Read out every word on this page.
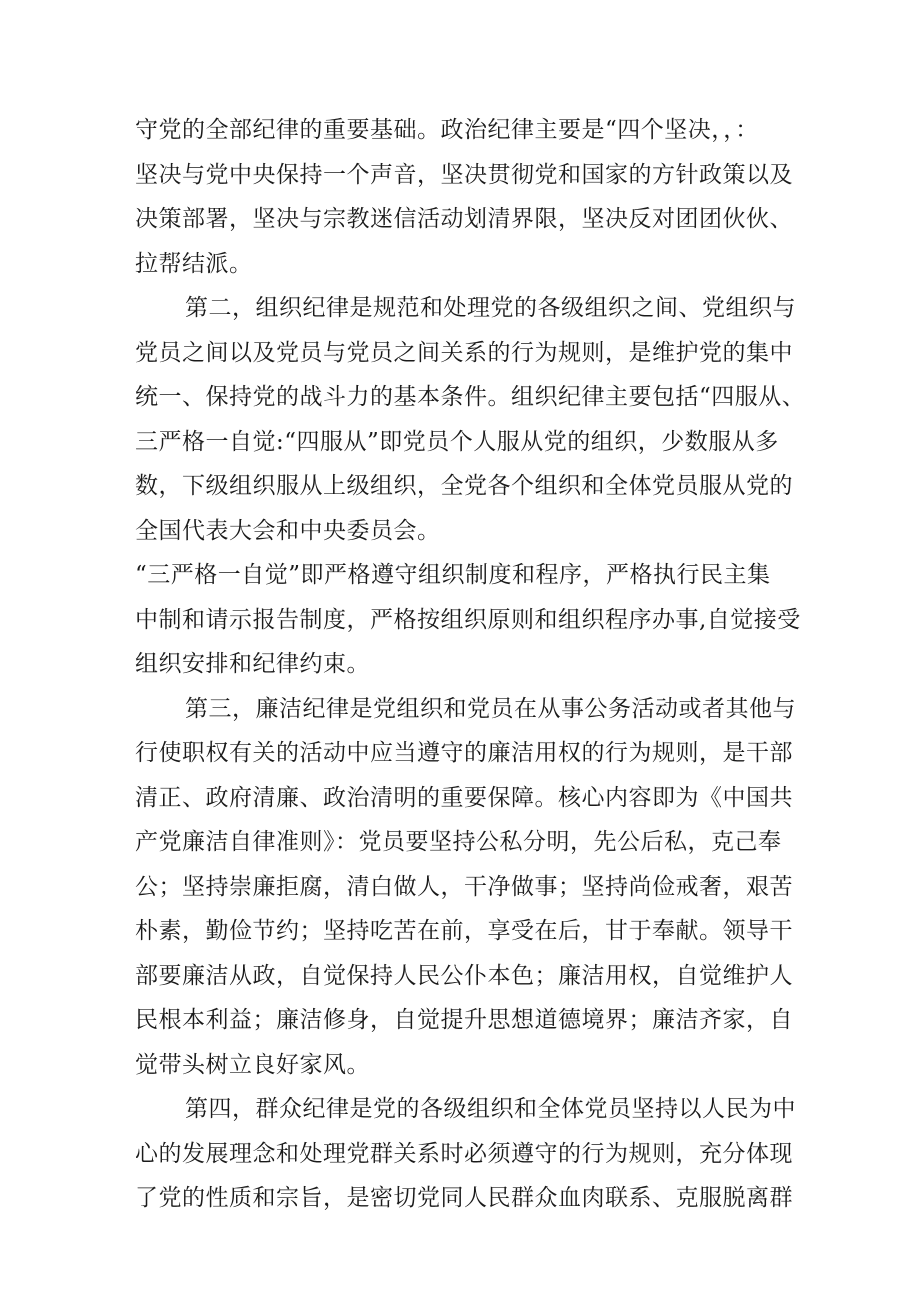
守党的全部纪律的重要基础。政治纪律主要是“四个坚决，，：
坚决与党中央保持一个声音，坚决贯彻党和国家的方针政策以及
决策部署，坚决与宗教迷信活动划清界限，坚决反对团团伙伙、
拉帮结派。
第二，组织纪律是规范和处理党的各级组织之间、党组织与
党员之间以及党员与党员之间关系的行为规则，是维护党的集中
统一、保持党的战斗力的基本条件。组织纪律主要包括“四服从、
三严格一自觉:“四服从”即党员个人服从党的组织，少数服从多
数，下级组织服从上级组织，全党各个组织和全体党员服从党的
全国代表大会和中央委员会。
“三严格一自觉”即严格遵守组织制度和程序，严格执行民主集
中制和请示报告制度，严格按组织原则和组织程序办事,自觉接受
组织安排和纪律约束。
第三，廉洁纪律是党组织和党员在从事公务活动或者其他与
行使职权有关的活动中应当遵守的廉洁用权的行为规则，是干部
清正、政府清廉、政治清明的重要保障。核心内容即为《中国共
产党廉洁自律准则》：党员要坚持公私分明，先公后私，克己奉
公；坚持崇廉拒腐，清白做人，干净做事；坚持尚俭戒奢，艰苦
朴素，勤俭节约；坚持吃苦在前，享受在后，甘于奉献。领导干
部要廉洁从政，自觉保持人民公仆本色；廉洁用权，自觉维护人
民根本利益；廉洁修身，自觉提升思想道德境界；廉洁齐家，自
觉带头树立良好家风。
第四，群众纪律是党的各级组织和全体党员坚持以人民为中
心的发展理念和处理党群关系时必须遵守的行为规则，充分体现
了党的性质和宗旨，是密切党同人民群众血肉联系、克服脱离群
